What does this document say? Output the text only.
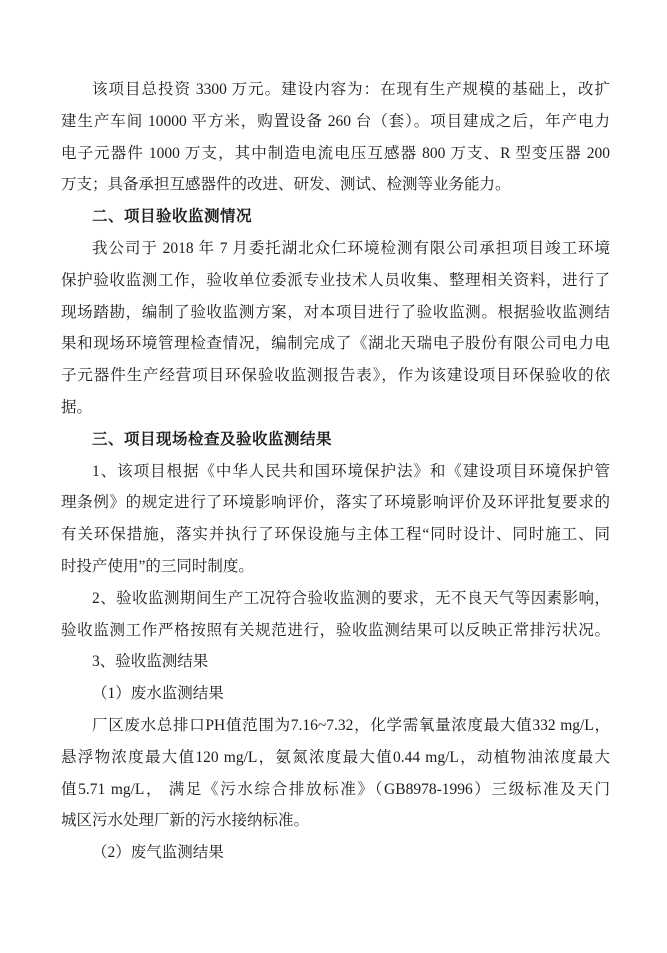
该项目总投资 3300 万元。建设内容为：在现有生产规模的基础上，改扩
建生产车间 10000 平方米，购置设备 260 台（套）。项目建成之后，年产电力
电子元器件 1000 万支，其中制造电流电压互感器 800 万支、R 型变压器 200
万支；具备承担互感器件的改进、研发、测试、检测等业务能力。
二、项目验收监测情况
我公司于 2018 年 7 月委托湖北众仁环境检测有限公司承担项目竣工环境
保护验收监测工作，验收单位委派专业技术人员收集、整理相关资料，进行了
现场踏勘，编制了验收监测方案，对本项目进行了验收监测。根据验收监测结
果和现场环境管理检查情况，编制完成了《湖北天瑞电子股份有限公司电力电
子元器件生产经营项目环保验收监测报告表》，作为该建设项目环保验收的依
据。
三、项目现场检查及验收监测结果
1、该项目根据《中华人民共和国环境保护法》和《建设项目环境保护管
理条例》的规定进行了环境影响评价，落实了环境影响评价及环评批复要求的
有关环保措施，落实并执行了环保设施与主体工程“同时设计、同时施工、同
时投产使用”的三同时制度。
2、验收监测期间生产工况符合验收监测的要求，无不良天气等因素影响，
验收监测工作严格按照有关规范进行，验收监测结果可以反映正常排污状况。
3、验收监测结果
（1）废水监测结果
厂区废水总排口PH值范围为7.16~7.32，化学需氧量浓度最大值332 mg/L，
悬浮物浓度最大值120 mg/L，氨氮浓度最大值0.44 mg/L，动植物油浓度最大
值5.71 mg/L， 满足《污水综合排放标准》（GB8978-1996）三级标准及天门
城区污水处理厂新的污水接纳标准。
（2）废气监测结果
